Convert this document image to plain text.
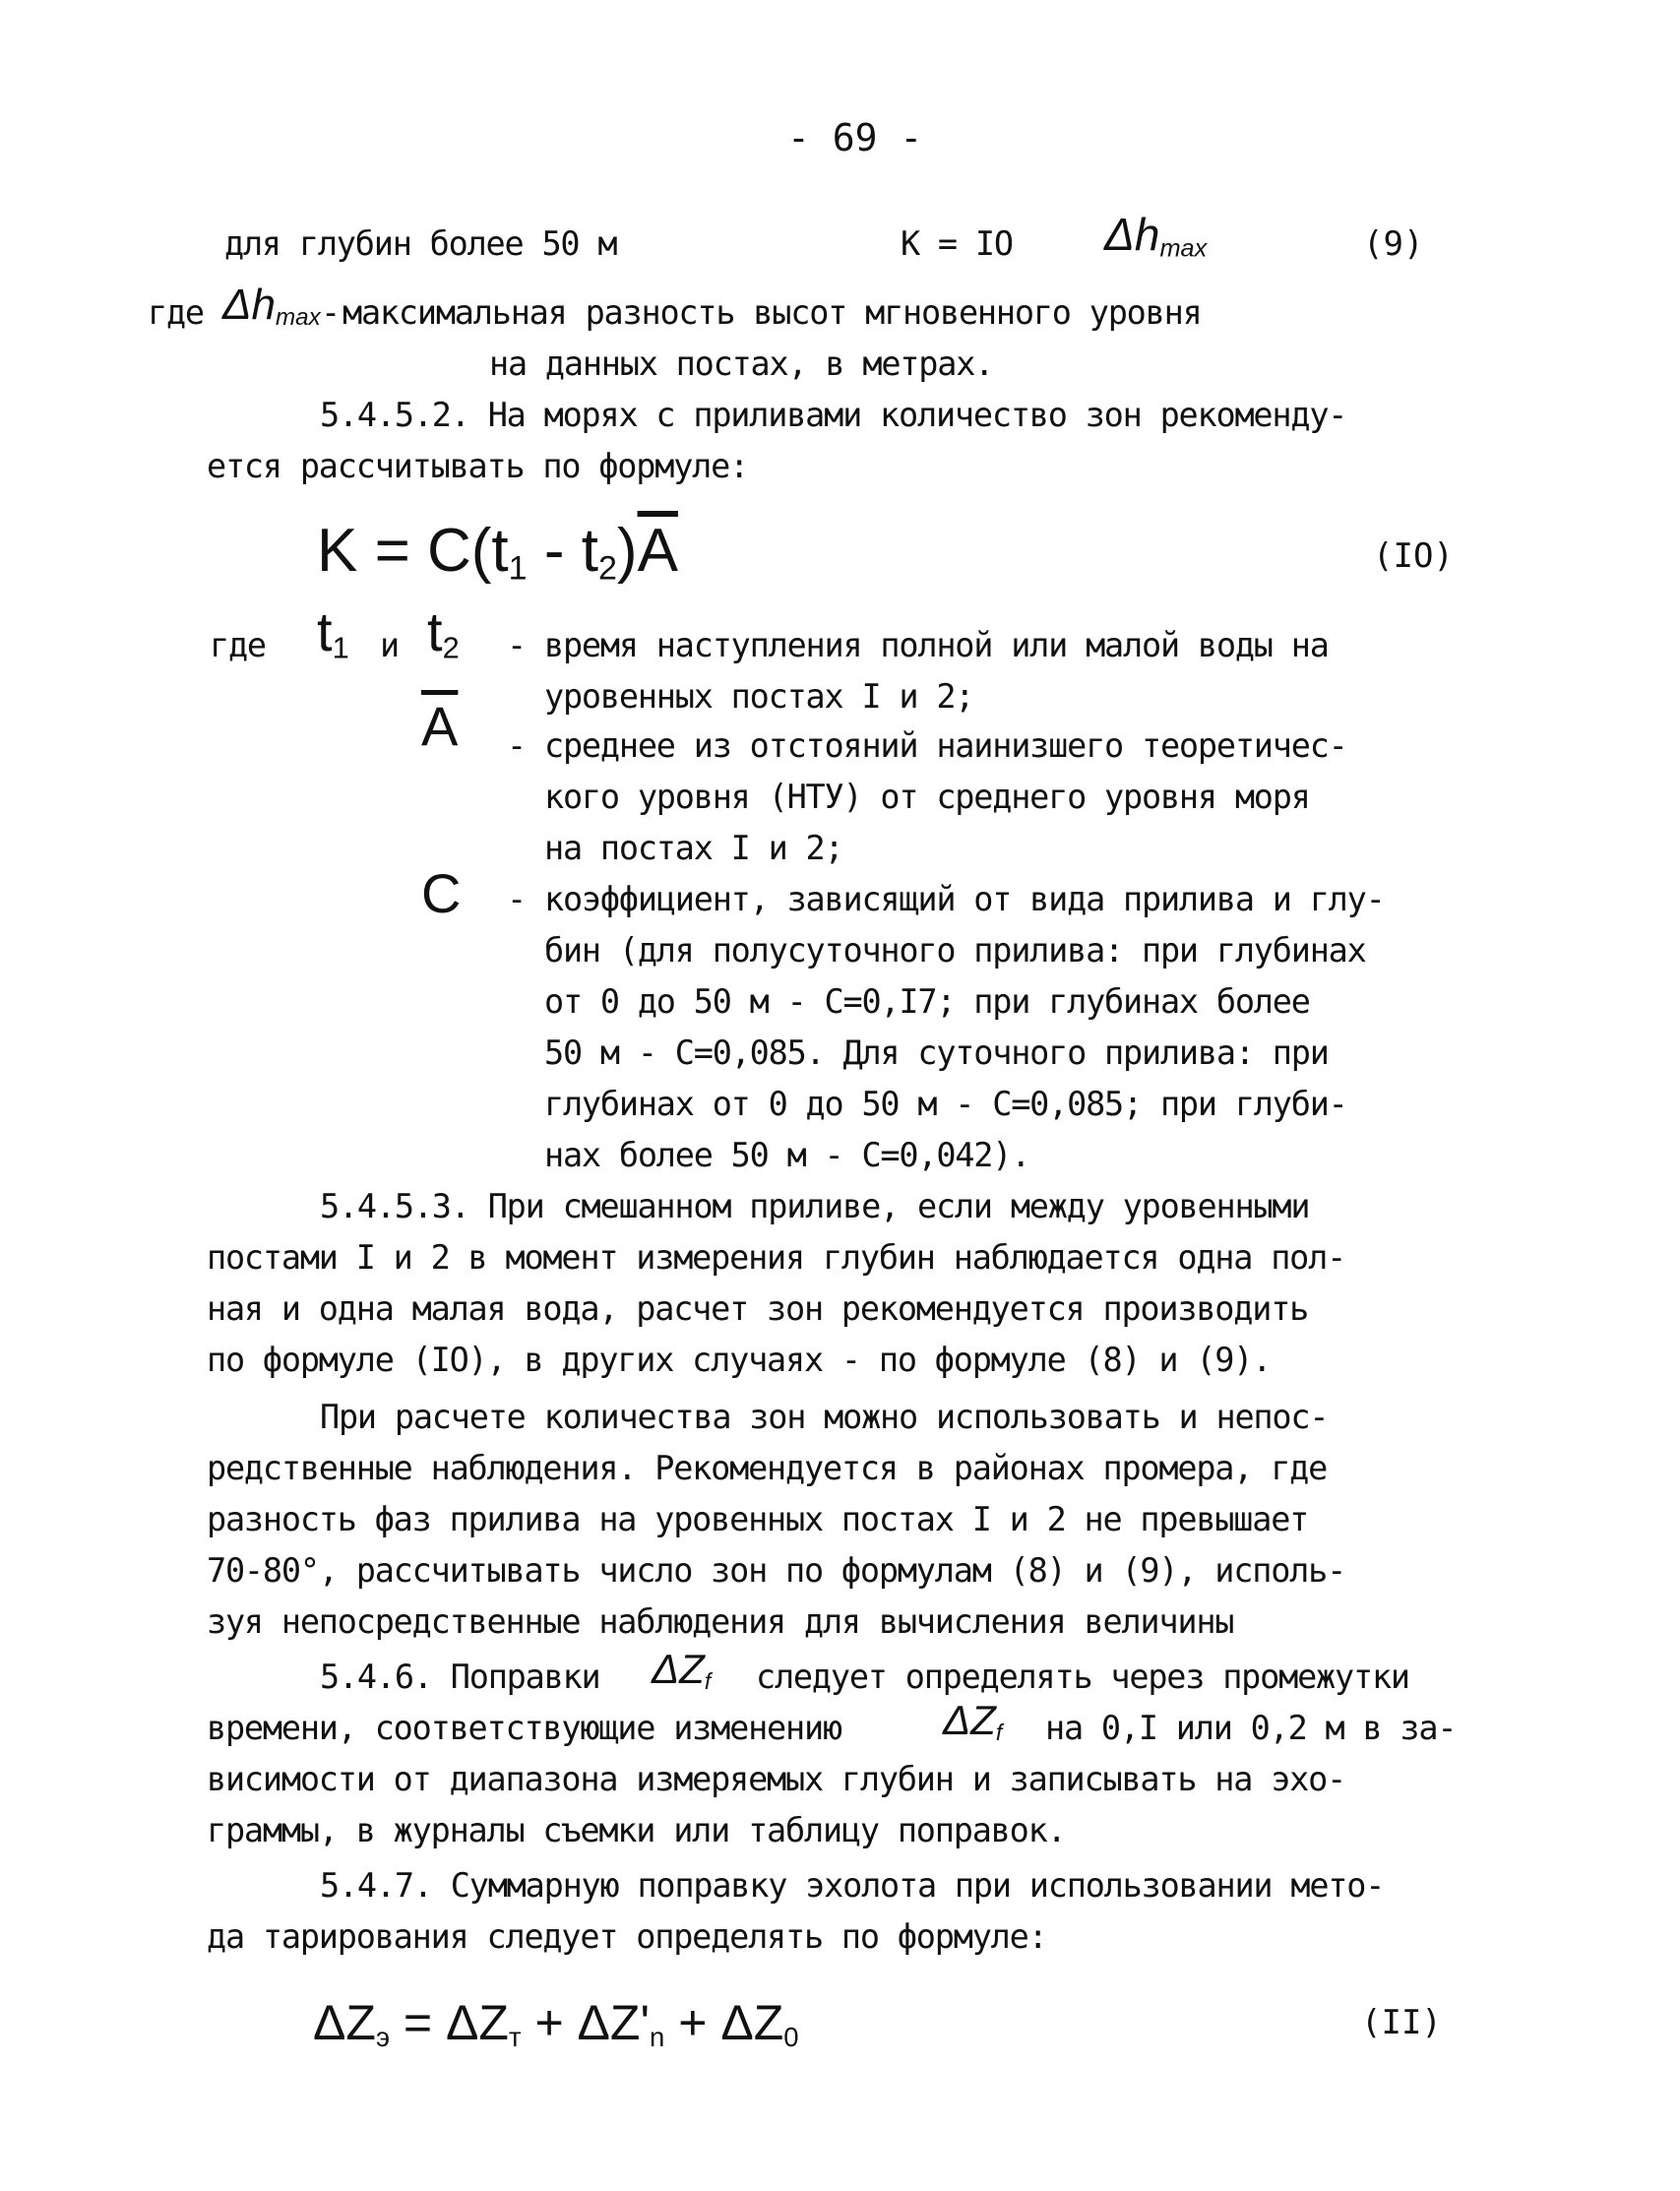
- 69 -
для глубин более 50 м	K = IO $\Delta h_{max}$	(9)
где $\Delta h_{max}$ - максимальная разность высот мгновенного уровня
на данных постах, в метрах.
5.4.5.2. На морях с приливами количество зон рекоменду-
ется рассчитывать по формуле:
$K = C(t_1 - t_2)\overline{A}$	(IO)
где $t_1$ и $t_2$ - время наступления полной или малой воды на
уровенных постах I и 2;
$\overline{A}$ - среднее из отстояний наинизшего теоретичес-
кого уровня (НТУ) от среднего уровня моря
на постах I и 2;
C - коэффициент, зависящий от вида прилива и глу-
бин (для полусуточного прилива: при глубинах
от 0 до 50 м - C=0,I7; при глубинах более
50 м - C=0,085. Для суточного прилива: при
глубинах от 0 до 50 м - C=0,085; при глуби-
нах более 50 м - C=0,042).
5.4.5.3. При смешанном приливе, если между уровенными
постами I и 2 в момент измерения глубин наблюдается одна пол-
ная и одна малая вода, расчет зон рекомендуется производить
по формуле (IO), в других случаях - по формуле (8) и (9).
При расчете количества зон можно использовать и непос-
редственные наблюдения. Рекомендуется в районах промера, где
разность фаз прилива на уровенных постах I и 2 не превышает
70-80°, рассчитывать число зон по формулам (8) и (9), исполь-
зуя непосредственные наблюдения для вычисления величины
5.4.6. Поправки $\Delta Z_f$ следует определять через промежутки
времени, соответствующие изменению $\Delta Z_f$ на 0,I или 0,2 м в за-
висимости от диапазона измеряемых глубин и записывать на эхо-
граммы, в журналы съемки или таблицу поправок.
5.4.7. Суммарную поправку эхолота при использовании мето-
да тарирования следует определять по формуле:
$\Delta Z_э = \Delta Z_т + \Delta Z'_n + \Delta Z_0$	(II)
